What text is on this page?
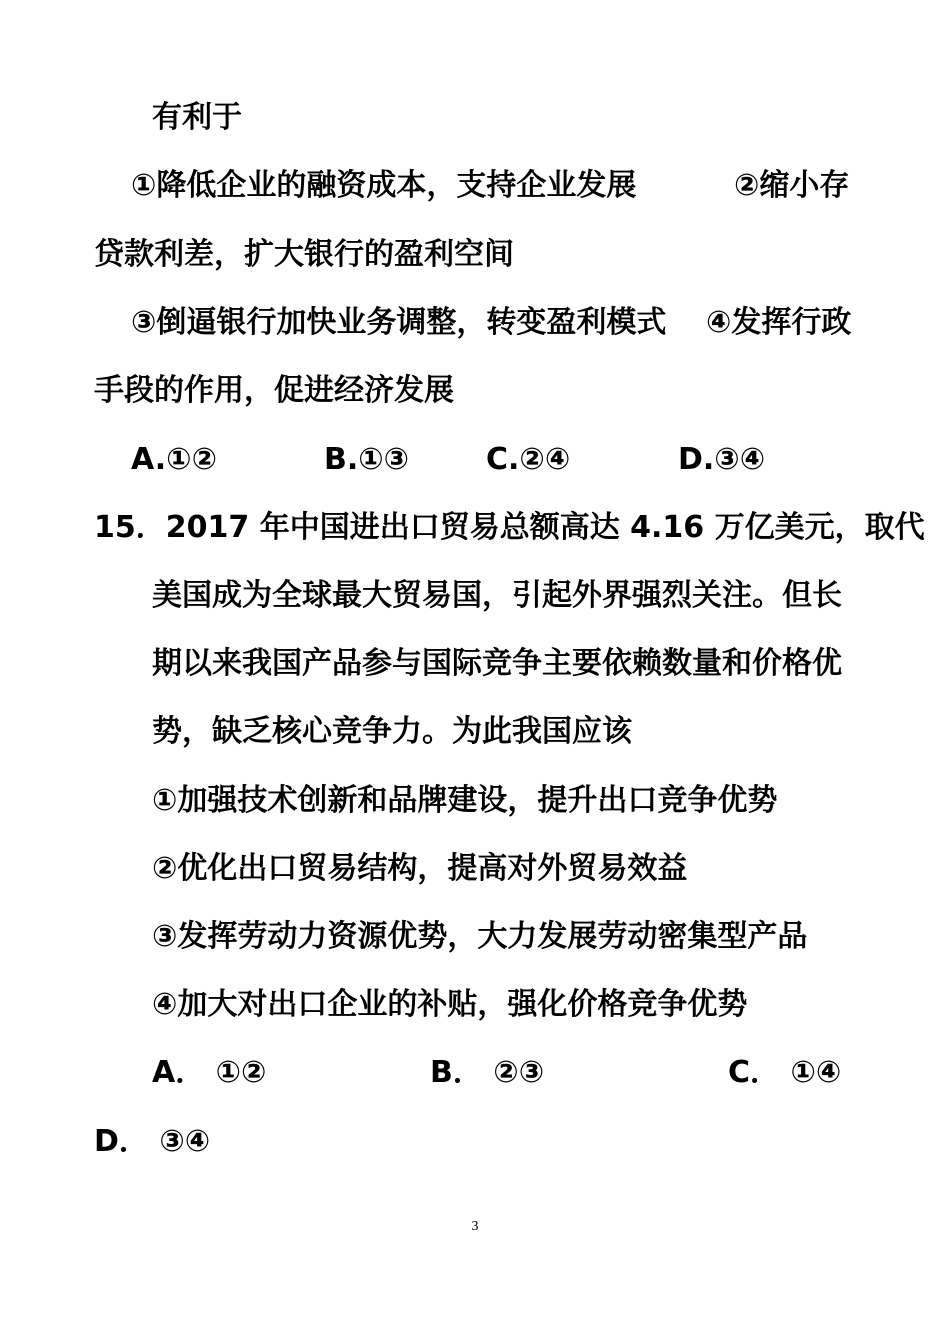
有利于
①降低企业的融资成本，支持企业发展	②缩小存
贷款利差，扩大银行的盈利空间
③倒逼银行加快业务调整，转变盈利模式 ④发挥行政
手段的作用，促进经济发展
A.①②	B.①③	C.②④	D.③④
15．2017 年中国进出口贸易总额高达 4.16 万亿美元，取代
美国成为全球最大贸易国，引起外界强烈关注。但长
期以来我国产品参与国际竞争主要依赖数量和价格优
势，缺乏核心竞争力。为此我国应该
①加强技术创新和品牌建设，提升出口竞争优势
②优化出口贸易结构，提高对外贸易效益
③发挥劳动力资源优势，大力发展劳动密集型产品
④加大对出口企业的补贴，强化价格竞争优势
A． ①②	B． ②③	C． ①④
D． ③④
3
